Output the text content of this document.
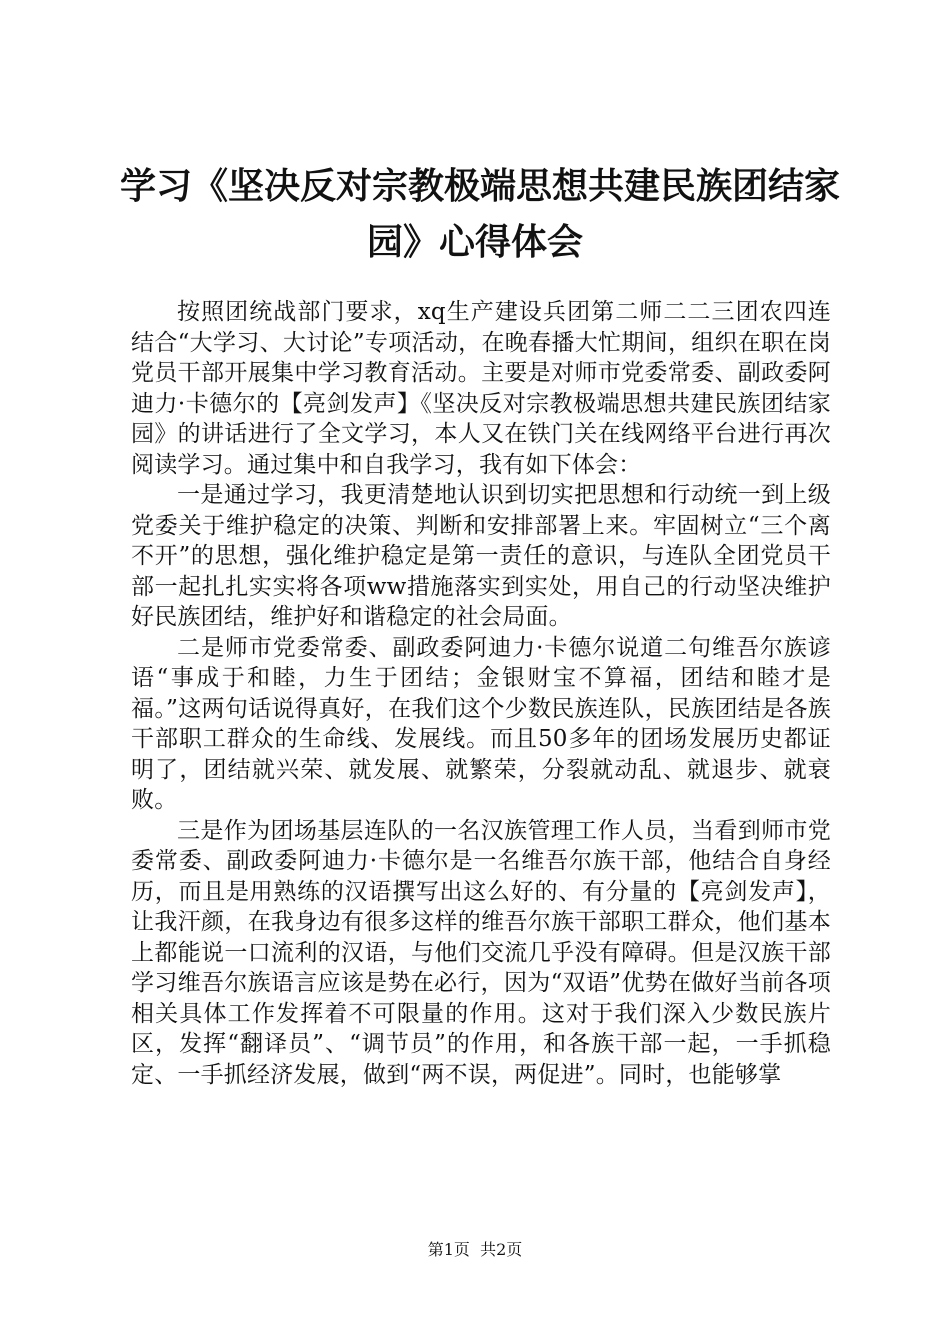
学习《坚决反对宗教极端思想共建民族团结家
园》心得体会

按照团统战部门要求，xq生产建设兵团第二师二二三团农四连结合“大学习、大讨论”专项活动，在晚春播大忙期间，组织在职在岗党员干部开展集中学习教育活动。主要是对师市党委常委、副政委阿迪力·卡德尔的【亮剑发声】《坚决反对宗教极端思想共建民族团结家园》的讲话进行了全文学习，本人又在铁门关在线网络平台进行再次阅读学习。通过集中和自我学习，我有如下体会：

一是通过学习，我更清楚地认识到切实把思想和行动统一到上级党委关于维护稳定的决策、判断和安排部署上来。牢固树立“三个离不开”的思想，强化维护稳定是第一责任的意识，与连队全团党员干部一起扎扎实实将各项ww措施落实到实处，用自己的行动坚决维护好民族团结，维护好和谐稳定的社会局面。

二是师市党委常委、副政委阿迪力·卡德尔说道二句维吾尔族谚语“事成于和睦，力生于团结；金银财宝不算福，团结和睦才是福。”这两句话说得真好，在我们这个少数民族连队，民族团结是各族干部职工群众的生命线、发展线。而且50多年的团场发展历史都证明了，团结就兴荣、就发展、就繁荣，分裂就动乱、就退步、就衰败。

三是作为团场基层连队的一名汉族管理工作人员，当看到师市党委常委、副政委阿迪力·卡德尔是一名维吾尔族干部，他结合自身经历，而且是用熟练的汉语撰写出这么好的、有分量的【亮剑发声】，让我汗颜，在我身边有很多这样的维吾尔族干部职工群众，他们基本上都能说一口流利的汉语，与他们交流几乎没有障碍。但是汉族干部学习维吾尔族语言应该是势在必行，因为“双语”优势在做好当前各项相关具体工作发挥着不可限量的作用。这对于我们深入少数民族片区，发挥“翻译员”、“调节员”的作用，和各族干部一起，一手抓稳定、一手抓经济发展，做到“两不误，两促进”。同时，也能够掌

第1页  共2页
